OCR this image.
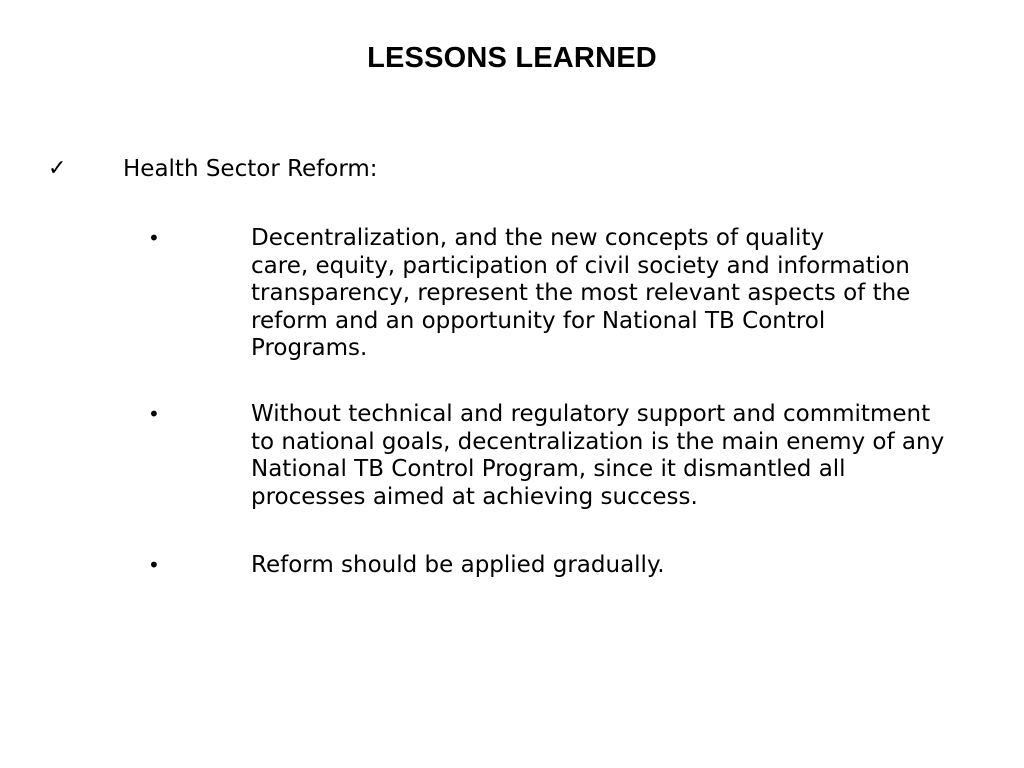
LESSONS LEARNED
✓ Health Sector Reform:
•	Decentralization, and the new concepts of quality
care, equity, participation of civil society and information
transparency, represent the most relevant aspects of the
reform and an opportunity for National TB Control
Programs.
•	Without technical and regulatory support and commitment
to national goals, decentralization is the main enemy of any
National TB Control Program, since it dismantled all
processes aimed at achieving success.
•	Reform should be applied gradually.
